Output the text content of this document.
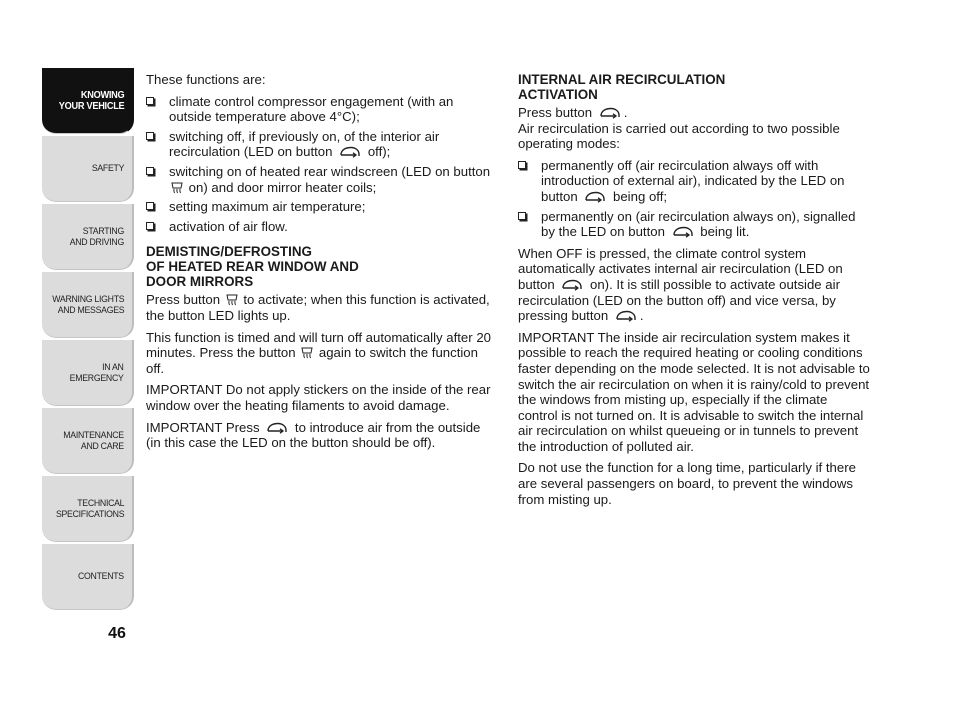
KNOWING
YOUR VEHICLE
SAFETY
STARTING
AND DRIVING
WARNING LIGHTS
AND MESSAGES
IN AN
EMERGENCY
MAINTENANCE
AND CARE
TECHNICAL
SPECIFICATIONS
CONTENTS
46

These functions are:

climate control compressor engagement (with an outside temperature above 4°C);
switching off, if previously on, of the interior air recirculation (LED on button	off);
switching on of heated rear windscreen (LED on button  on) and door mirror heater coils;
setting maximum air temperature;
activation of air flow.
DEMISTING/DEFROSTING
OF HEATED REAR WINDOW AND
DOOR MIRRORS

Press button to activate; when this function is activated, the button LED lights up.

This function is timed and will turn off automatically after 20 minutes. Press the button again to switch the function off.

IMPORTANT Do not apply stickers on the inside of the rear window over the heating filaments to avoid damage.

IMPORTANT Press	to introduce air from the outside (in this case the LED on the button should be off).

INTERNAL AIR RECIRCULATION
ACTIVATION

Press button .

Air recirculation is carried out according to two possible operating modes:

permanently off (air recirculation always off with introduction of external air), indicated by the LED on button	being off;
permanently on (air recirculation always on), signalled by the LED on button	being lit.

When OFF is pressed, the climate control system automatically activates internal air recirculation (LED on button	on). It is still possible to activate outside air recirculation (LED on the button off) and vice versa, by pressing button .

IMPORTANT The inside air recirculation system makes it possible to reach the required heating or cooling conditions faster depending on the mode selected. It is not advisable to switch the air recirculation on when it is rainy/cold to prevent the windows from misting up, especially if the climate control is not turned on. It is advisable to switch the internal air recirculation on whilst queueing or in tunnels to prevent the introduction of polluted air.

Do not use the function for a long time, particularly if there are several passengers on board, to prevent the windows from misting up.
